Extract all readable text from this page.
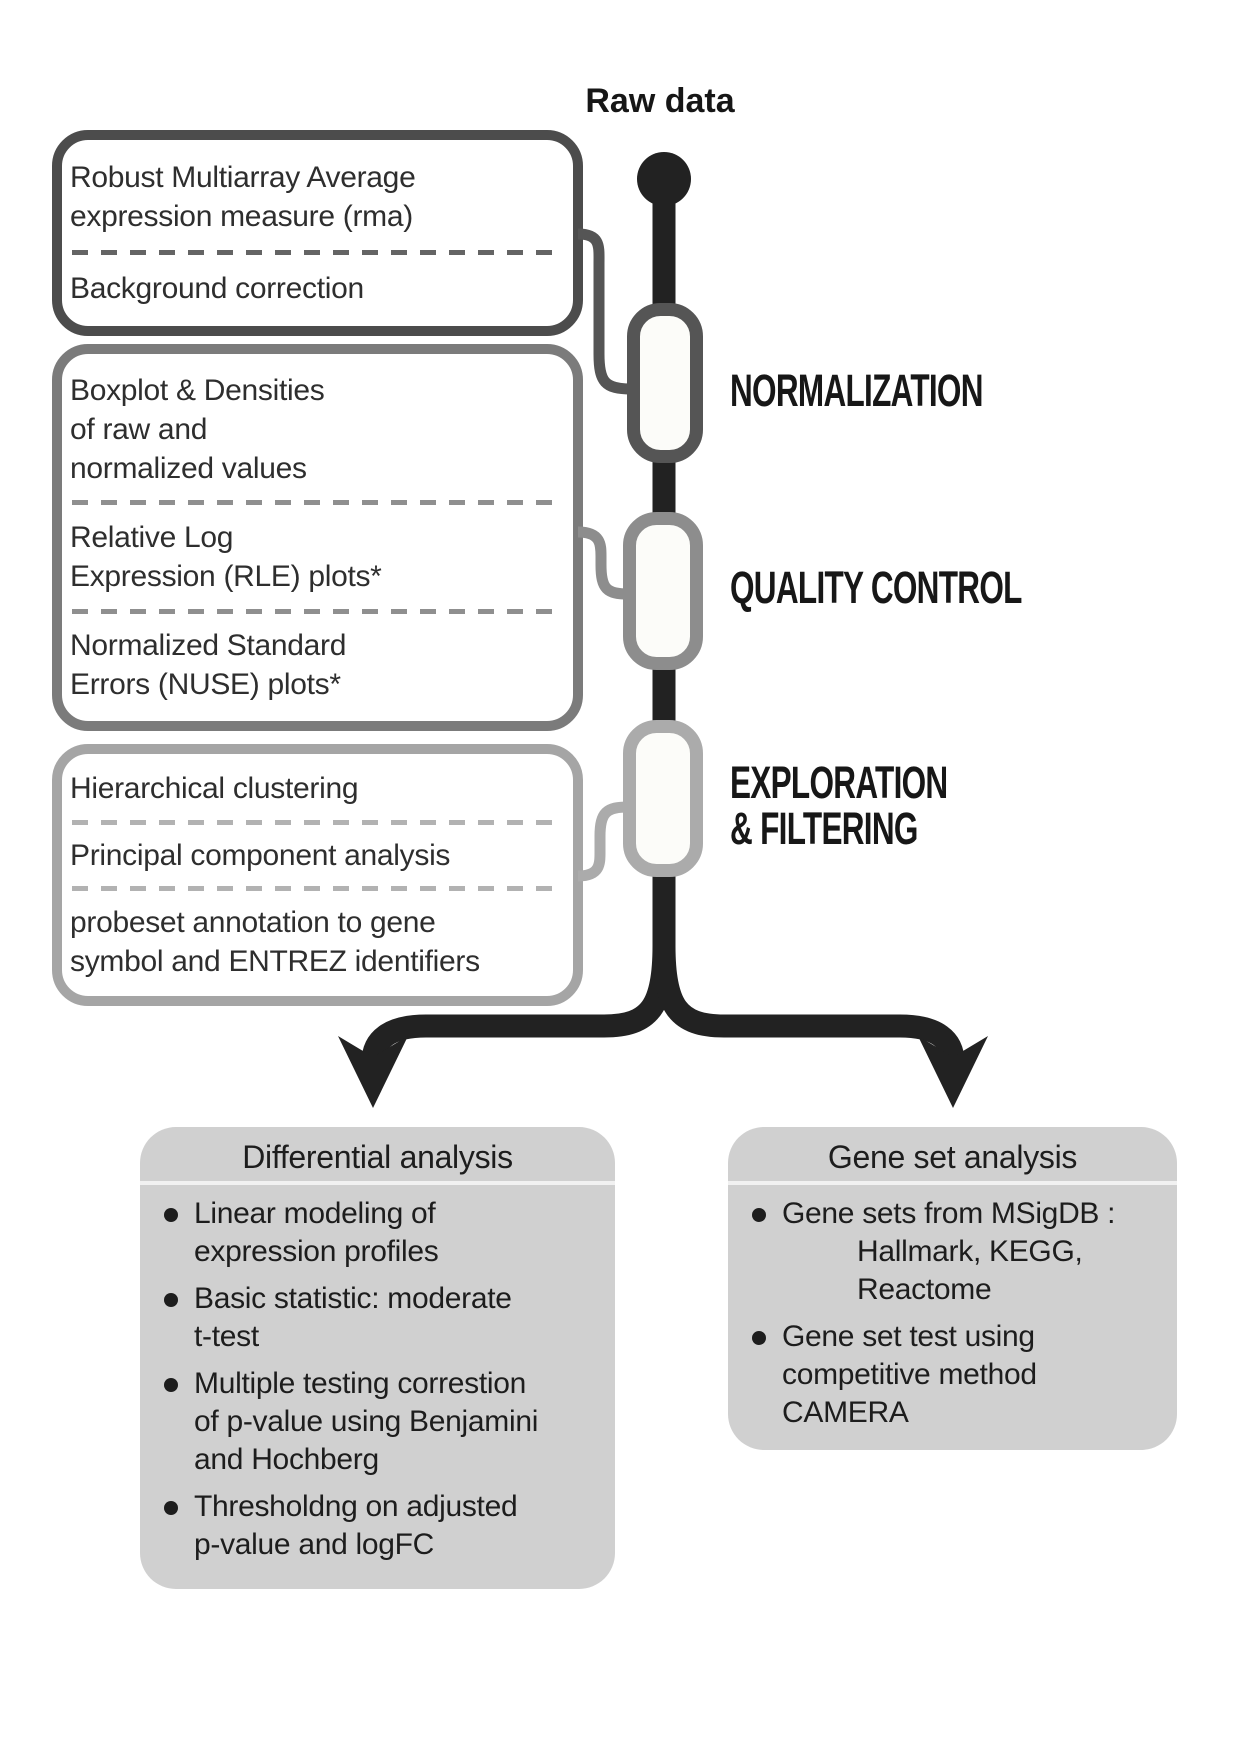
Raw data

Robust Multiarray Average

expression measure (rma)

Background correction

Boxplot & Densities

of raw and

normalized values

Relative Log

Expression (RLE) plots*

Normalized Standard

Errors (NUSE) plots*

Hierarchical clustering

Principal component analysis

probeset annotation to gene

symbol and ENTREZ identifiers

NORMALIZATION
QUALITY CONTROL
EXPLORATION
& FILTERING
Differential analysis
Linear modeling of
expression profiles
Basic statistic: moderate
t-test
Multiple testing correstion
of p-value using Benjamini
and Hochberg
Thresholdng on adjusted
p-value and logFC
Gene set analysis
Gene sets from MSigDB :
Hallmark, KEGG,
Reactome
Gene set test using
competitive method
CAMERA
